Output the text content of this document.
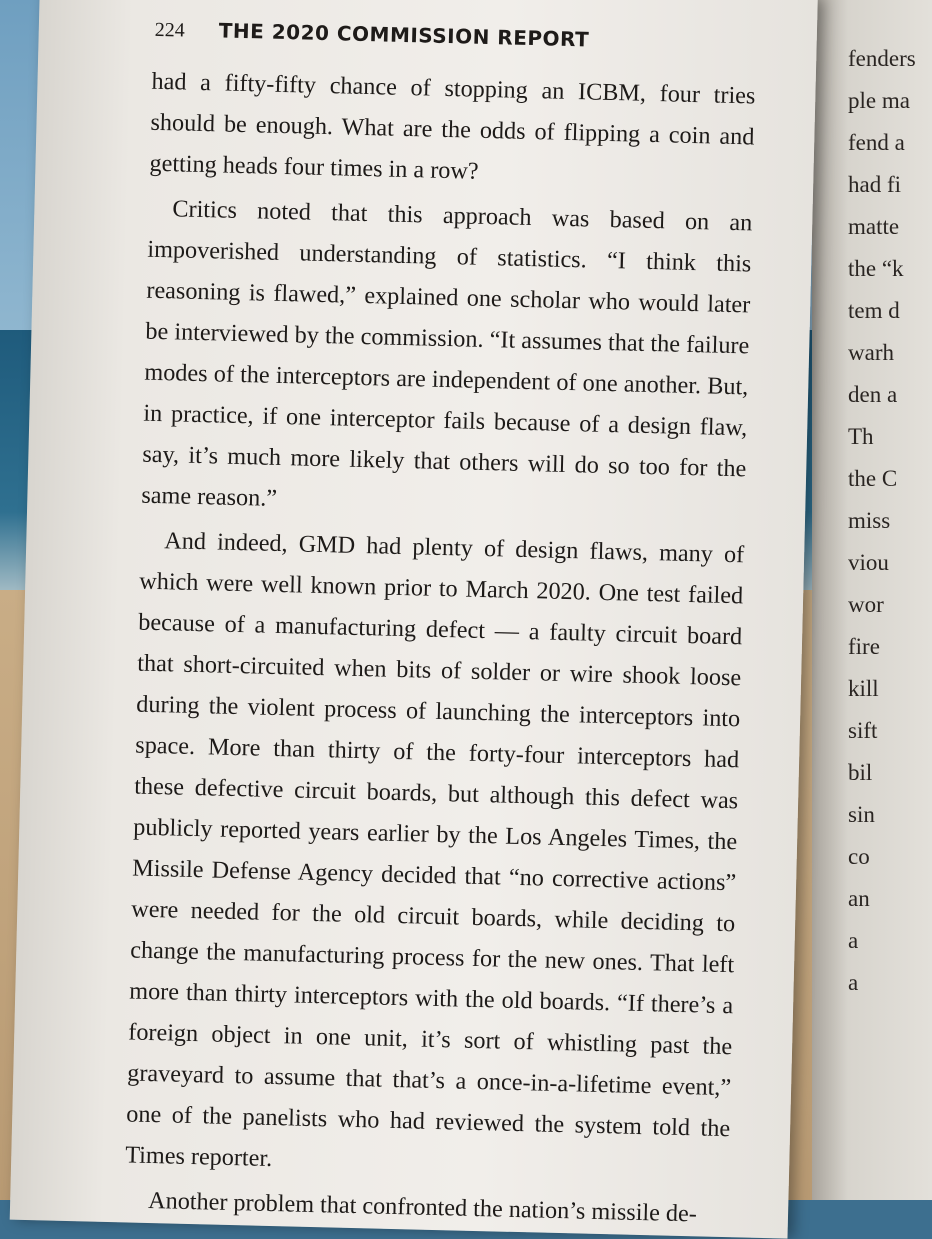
fenders
ple ma
fend a
had fi
matte
the “k
tem d
warh
den a
Th
the C
miss
viou
wor
fire
kill
sift
bil
sin
co
an
a
a
224 THE 2020 COMMISSION REPORT

had a fifty-fifty chance of stopping an ICBM, four tries should be enough. What are the odds of flipping a coin and getting heads four times in a row?

Critics noted that this approach was based on an impoverished understanding of statistics. “I think this reasoning is flawed,” explained one scholar who would later be interviewed by the commission. “It assumes that the failure modes of the interceptors are independent of one another. But, in practice, if one interceptor fails because of a design flaw, say, it’s much more likely that others will do so too for the same reason.”

And indeed, GMD had plenty of design flaws, many of which were well known prior to March 2020. One test failed because of a manufacturing defect — a faulty circuit board that short-circuited when bits of solder or wire shook loose during the violent process of launching the interceptors into space. More than thirty of the forty-four interceptors had these defective circuit boards, but although this defect was publicly reported years earlier by the Los Angeles Times, the Missile Defense Agency decided that “no corrective actions” were needed for the old circuit boards, while deciding to change the manufacturing process for the new ones. That left more than thirty interceptors with the old boards. “If there’s a foreign object in one unit, it’s sort of whistling past the graveyard to assume that that’s a once-in-a-lifetime event,” one of the panelists who had reviewed the system told the Times reporter.

Another problem that confronted the nation’s missile de-
